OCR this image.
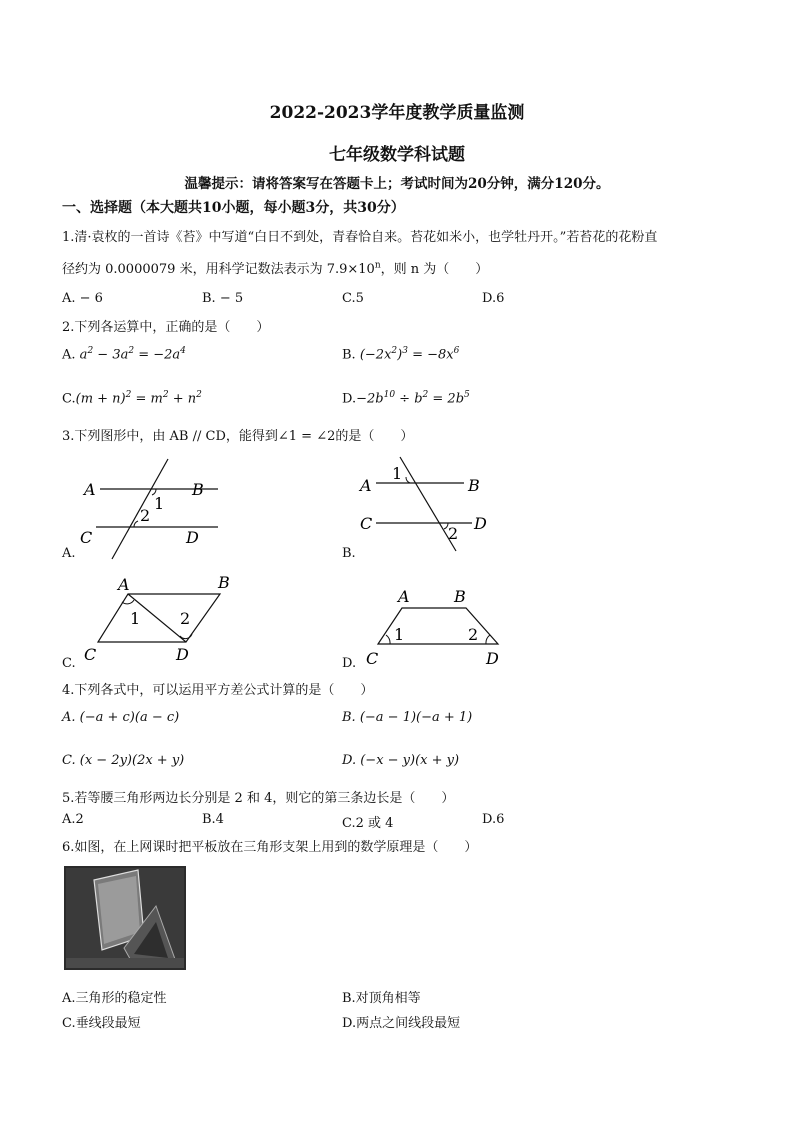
2022-2023学年度教学质量监测
七年级数学科试题
温馨提示：请将答案写在答题卡上；考试时间为20分钟，满分120分。
一、选择题（本大题共10小题，每小题3分，共30分）
1.清·袁枚的一首诗《苔》中写道“白日不到处，青春恰自来。苔花如米小，也学牡丹开。”若苔花的花粉直
径约为 0.0000079 米，用科学记数法表示为 $7.9\times 10^n$，则 n 为（　　）
A. − 6	B. − 5	C.5	D.6
2.下列各运算中，正确的是（　　）
A. $a^2 - 3a^2 = -2a^4$	B. $(-2x^2)^3 = -8x^6$
$C.(m + n)^2 = m^2 + n^2$	$D.-2b^{10} \div b^2 = 2b^5$
3.下列图形中，由 AB // CD，能得到∠1 = ∠2的是（　　）
A	B
C	D
1
2
A.
A	B
C	D
1
2
B.
A	B
C	D
1 2
C.
A	B
C	D
1	2
D.
4.下列各式中，可以运用平方差公式计算的是（　　）
A. (−a + c)(a − c)	B. (−a − 1)(−a + 1)
C. (x − 2y)(2x + y)	D. (−x − y)(x + y)
5.若等腰三角形两边长分别是 2 和 4，则它的第三条边长是（　　）
A.2	B.4	C.2 或 4	D.6
6.如图，在上网课时把平板放在三角形支架上用到的数学原理是（　　）
A.三角形的稳定性	B.对顶角相等
C.垂线段最短	D.两点之间线段最短
